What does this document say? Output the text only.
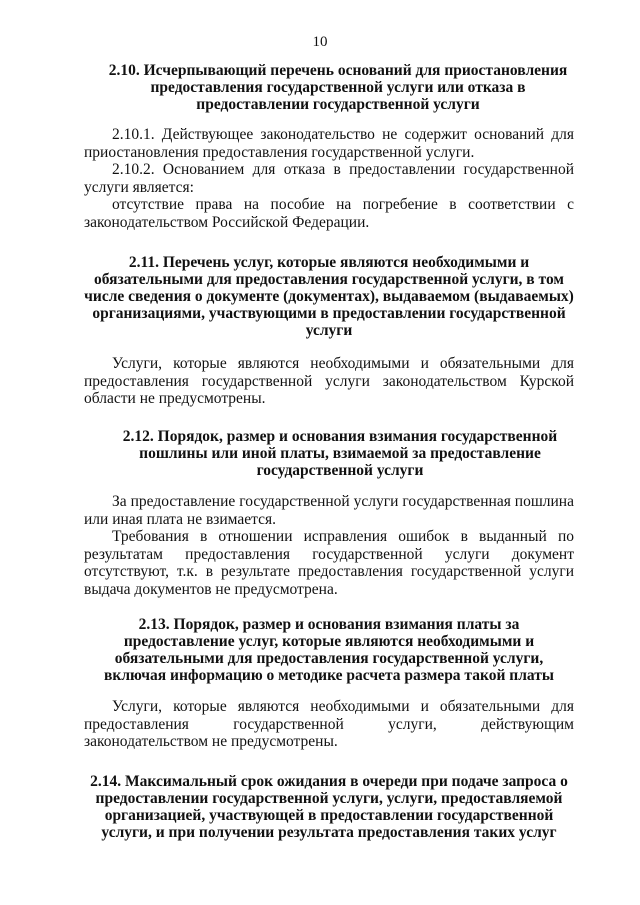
10
2.10. Исчерпывающий перечень оснований для приостановления предоставления государственной услуги или отказа в предоставлении государственной услуги
2.10.1. Действующее законодательство не содержит оснований для приостановления предоставления государственной услуги.
2.10.2. Основанием для отказа в предоставлении государственной услуги является:
отсутствие права на пособие на погребение в соответствии с законодательством Российской Федерации.
2.11. Перечень услуг, которые являются необходимыми и обязательными для предоставления государственной услуги, в том числе сведения о документе (документах), выдаваемом (выдаваемых) организациями, участвующими в предоставлении государственной услуги
Услуги, которые являются необходимыми и обязательными для предоставления государственной услуги законодательством Курской области не предусмотрены.
2.12. Порядок, размер и основания взимания государственной пошлины или иной платы, взимаемой за предоставление государственной услуги
За предоставление государственной услуги государственная пошлина или иная плата не взимается.
Требования в отношении исправления ошибок в выданный по результатам предоставления государственной услуги документ отсутствуют, т.к. в результате предоставления государственной услуги выдача документов не предусмотрена.
2.13. Порядок, размер и основания взимания платы за предоставление услуг, которые являются необходимыми и обязательными для предоставления государственной услуги, включая информацию о методике расчета размера такой платы
Услуги, которые являются необходимыми и обязательными для предоставления государственной услуги, действующим законодательством не предусмотрены.
2.14. Максимальный срок ожидания в очереди при подаче запроса о предоставлении государственной услуги, услуги, предоставляемой организацией, участвующей в предоставлении государственной услуги, и при получении результата предоставления таких услуг
